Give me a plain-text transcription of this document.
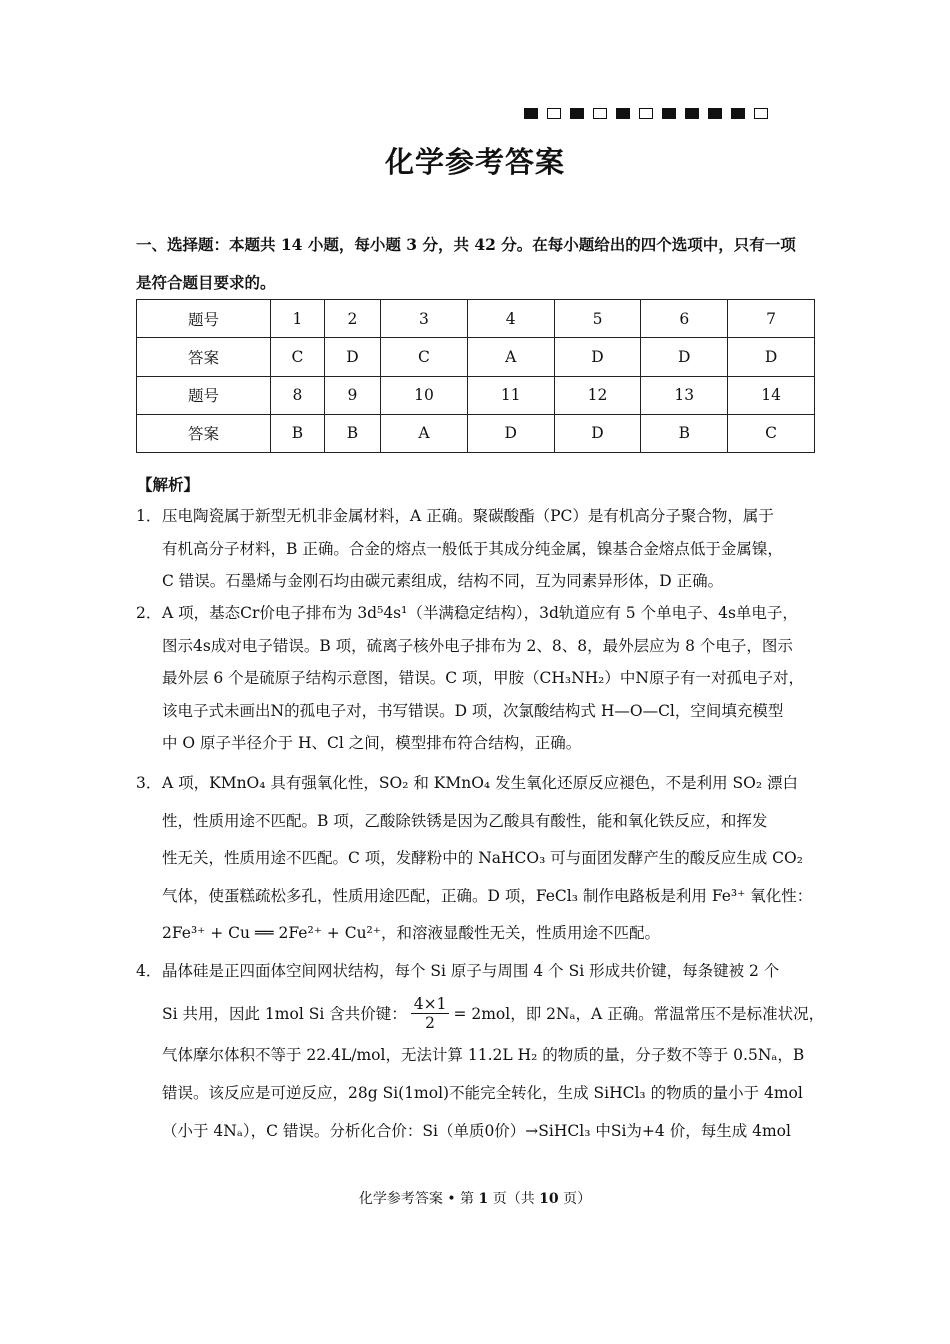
化学参考答案
一、选择题：本题共 14 小题，每小题 3 分，共 42 分。在每小题给出的四个选项中，只有一项
是符合题目要求的。
题号	1	2	3	4	5	6	7
答案	C	D	C	A	D	D	D
题号	8	9	10	11	12	13	14
答案	B	B	A	D	D	B	C
【解析】
1． 压电陶瓷属于新型无机非金属材料，A 正确。聚碳酸酯（PC）是有机高分子聚合物，属于
有机高分子材料，B 正确。合金的熔点一般低于其成分纯金属，镍基合金熔点低于金属镍，
C 错误。石墨烯与金刚石均由碳元素组成，结构不同，互为同素异形体，D 正确。
2． A 项，基态Cr价电子排布为 3d⁵4s¹（半满稳定结构），3d轨道应有 5 个单电子、4s单电子，
图示4s成对电子错误。B 项，硫离子核外电子排布为 2、8、8，最外层应为 8 个电子，图示
最外层 6 个是硫原子结构示意图，错误。C 项，甲胺（CH₃NH₂）中N原子有一对孤电子对，
该电子式未画出N的孤电子对，书写错误。D 项，次氯酸结构式 H—O—Cl，空间填充模型
中 O 原子半径介于 H、Cl 之间，模型排布符合结构，正确。
3． A 项，KMnO₄ 具有强氧化性，SO₂ 和 KMnO₄ 发生氧化还原反应褪色，不是利用 SO₂ 漂白
性，性质用途不匹配。B 项，乙酸除铁锈是因为乙酸具有酸性，能和氧化铁反应，和挥发
性无关，性质用途不匹配。C 项，发酵粉中的 NaHCO₃ 可与面团发酵产生的酸反应生成 CO₂
气体，使蛋糕疏松多孔，性质用途匹配，正确。D 项，FeCl₃ 制作电路板是利用 Fe³⁺ 氧化性：
2Fe³⁺ + Cu ══ 2Fe²⁺ + Cu²⁺，和溶液显酸性无关，性质用途不匹配。
4． 晶体硅是正四面体空间网状结构，每个 Si 原子与周围 4 个 Si 形成共价键，每条键被 2 个
Si 共用，因此 1mol Si 含共价键： $\frac{4\times 1}{2} = 2mol$，即 2Nₐ，A 正确。常温常压不是标准状况，
气体摩尔体积不等于 22.4L/mol，无法计算 11.2L H₂ 的物质的量，分子数不等于 0.5Nₐ，B
错误。该反应是可逆反应，28g Si(1mol)不能完全转化，生成 SiHCl₃ 的物质的量小于 4mol
（小于 4Nₐ），C 错误。分析化合价：Si（单质0价）→SiHCl₃ 中Si为+4 价，每生成 4mol
化学参考答案 • 第 1 页（共 10 页）
